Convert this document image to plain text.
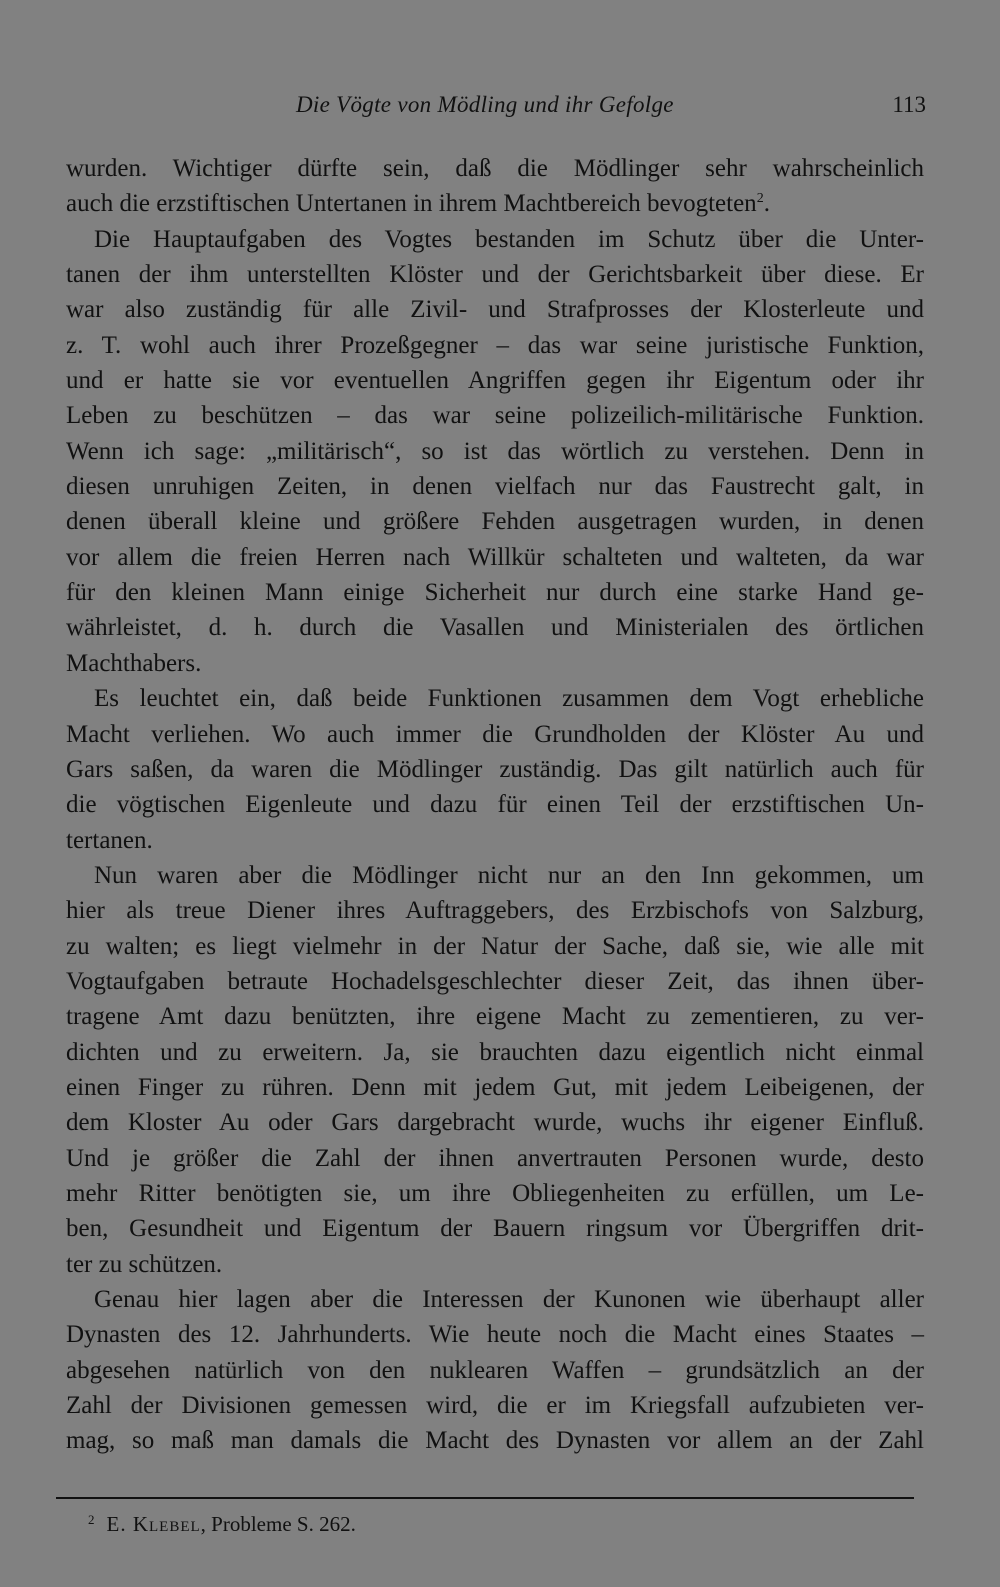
Die Vögte von Mödling und ihr Gefolge	113

wurden. Wichtiger dürfte sein, daß die Mödlinger sehr wahrscheinlich
auch die erzstiftischen Untertanen in ihrem Machtbereich bevogteten$^2$.

Die Hauptaufgaben des Vogtes bestanden im Schutz über die Unter-
tanen der ihm unterstellten Klöster und der Gerichtsbarkeit über diese. Er
war also zuständig für alle Zivil- und Strafprosses der Klosterleute und
z. T. wohl auch ihrer Prozeßgegner – das war seine juristische Funktion,
und er hatte sie vor eventuellen Angriffen gegen ihr Eigentum oder ihr
Leben zu beschützen – das war seine polizeilich-militärische Funktion.
Wenn ich sage: „militärisch“, so ist das wörtlich zu verstehen. Denn in
diesen unruhigen Zeiten, in denen vielfach nur das Faustrecht galt, in
denen überall kleine und größere Fehden ausgetragen wurden, in denen
vor allem die freien Herren nach Willkür schalteten und walteten, da war
für den kleinen Mann einige Sicherheit nur durch eine starke Hand ge-
währleistet, d. h. durch die Vasallen und Ministerialen des örtlichen
Machthabers.

Es leuchtet ein, daß beide Funktionen zusammen dem Vogt erhebliche
Macht verliehen. Wo auch immer die Grundholden der Klöster Au und
Gars saßen, da waren die Mödlinger zuständig. Das gilt natürlich auch für
die vögtischen Eigenleute und dazu für einen Teil der erzstiftischen Un-
tertanen.

Nun waren aber die Mödlinger nicht nur an den Inn gekommen, um
hier als treue Diener ihres Auftraggebers, des Erzbischofs von Salzburg,
zu walten; es liegt vielmehr in der Natur der Sache, daß sie, wie alle mit
Vogtaufgaben betraute Hochadelsgeschlechter dieser Zeit, das ihnen über-
tragene Amt dazu benützten, ihre eigene Macht zu zementieren, zu ver-
dichten und zu erweitern. Ja, sie brauchten dazu eigentlich nicht einmal
einen Finger zu rühren. Denn mit jedem Gut, mit jedem Leibeigenen, der
dem Kloster Au oder Gars dargebracht wurde, wuchs ihr eigener Einfluß.
Und je größer die Zahl der ihnen anvertrauten Personen wurde, desto
mehr Ritter benötigten sie, um ihre Obliegenheiten zu erfüllen, um Le-
ben, Gesundheit und Eigentum der Bauern ringsum vor Übergriffen drit-
ter zu schützen.

Genau hier lagen aber die Interessen der Kunonen wie überhaupt aller
Dynasten des 12. Jahrhunderts. Wie heute noch die Macht eines Staates –
abgesehen natürlich von den nuklearen Waffen – grundsätzlich an der
Zahl der Divisionen gemessen wird, die er im Kriegsfall aufzubieten ver-
mag, so maß man damals die Macht des Dynasten vor allem an der Zahl

$^2$ E. Klebel, Probleme S. 262.
